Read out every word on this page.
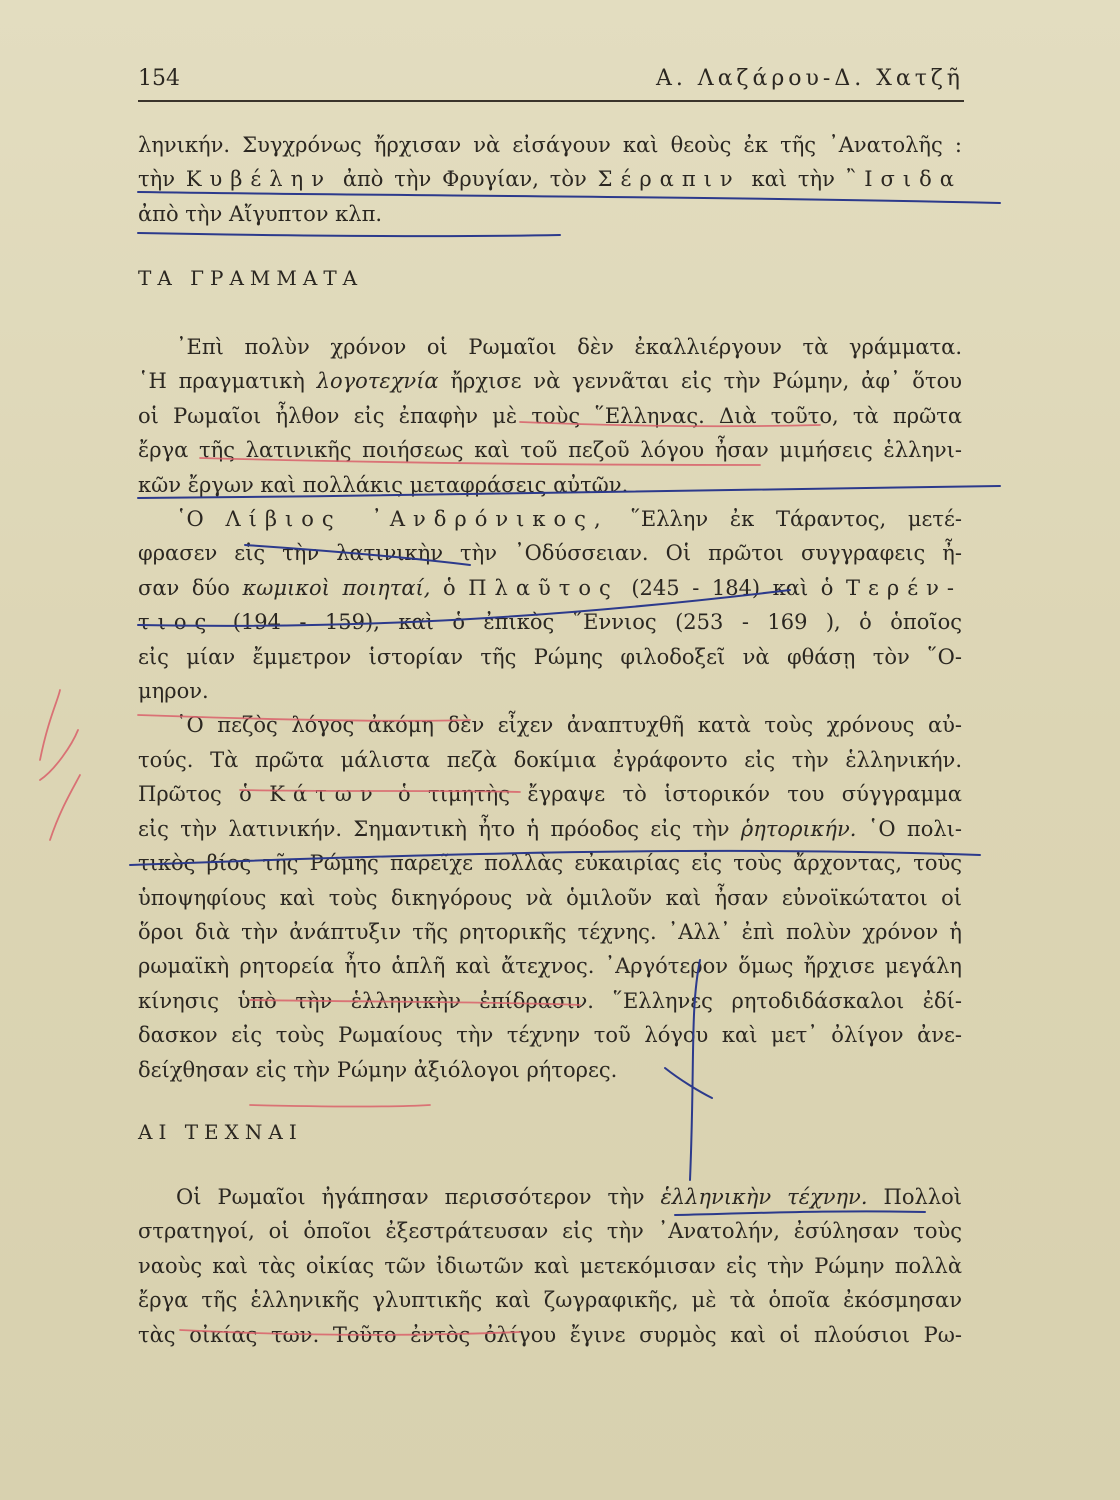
154	Α. Λαζάρου-Δ. Χατζῆ
ληνικήν. Συγχρόνως ἤρχισαν νὰ εἰσάγουν καὶ θεοὺς ἐκ τῆς ᾿Ανατολῆς :
τὴν Κυβέλην ἀπὸ τὴν Φρυγίαν, τὸν Σέραπιν καὶ τὴν ῍Ισιδα
ἀπὸ τὴν Αἴγυπτον κλπ.
ΤΑ ΓΡΑΜΜΑΤΑ
᾿Επὶ πολὺν χρόνον οἱ Ρωμαῖοι δὲν ἐκαλλιέργουν τὰ γράμματα.
῾Η πραγματικὴ λογοτεχνία ἤρχισε νὰ γεννᾶται εἰς τὴν Ρώμην, ἀφ᾿ ὅτου
οἱ Ρωμαῖοι ἦλθον εἰς ἐπαφὴν μὲ τοὺς ῞Ελληνας. Διὰ τοῦτο, τὰ πρῶτα
ἔργα τῆς λατινικῆς ποιήσεως καὶ τοῦ πεζοῦ λόγου ἦσαν μιμήσεις ἑλληνι-
κῶν ἔργων καὶ πολλάκις μεταφράσεις αὐτῶν.
῾Ο Λίβιος ᾿Ανδρόνικος, ῞Ελλην ἐκ Τάραντος, μετέ-
φρασεν εἰς τὴν λατινικὴν τὴν ᾿Οδύσσειαν. Οἱ πρῶτοι συγγραφεις ἦ-
σαν δύο κωμικοὶ ποιηταί, ὁ Πλαῦτος (245 - 184) καὶ ὁ Τερέν-
τιος (194 - 159), καὶ ὁ ἐπικὸς ῞Εννιος (253 - 169 ), ὁ ὁποῖος
εἰς μίαν ἔμμετρον ἱστορίαν τῆς Ρώμης φιλοδοξεῖ νὰ φθάσῃ τὸν ῞Ο-
μηρον.
῾Ο πεζὸς λόγος ἀκόμη δὲν εἶχεν ἀναπτυχθῆ κατὰ τοὺς χρόνους αὐ-
τούς. Τὰ πρῶτα μάλιστα πεζὰ δοκίμια ἐγράφοντο εἰς τὴν ἑλληνικήν.
Πρῶτος ὁ Κάτων ὁ τιμητὴς ἔγραψε τὸ ἱστορικόν του σύγγραμμα
εἰς τὴν λατινικήν. Σημαντικὴ ἦτο ἡ πρόοδος εἰς τὴν ῥητορικήν. ῾Ο πολι-
τικὸς βίος τῆς Ρώμης παρεῖχε πολλὰς εὐκαιρίας εἰς τοὺς ἄρχοντας, τοὺς
ὑποψηφίους καὶ τοὺς δικηγόρους νὰ ὁμιλοῦν καὶ ἦσαν εὐνοϊκώτατοι οἱ
ὅροι διὰ τὴν ἀνάπτυξιν τῆς ρητορικῆς τέχνης. ᾿Αλλ᾿ ἐπὶ πολὺν χρόνον ἡ
ρωμαϊκὴ ρητορεία ἦτο ἁπλῆ καὶ ἄτεχνος. ᾿Αργότερον ὅμως ἤρχισε μεγάλη
κίνησις ὑπὸ τὴν ἑλληνικὴν ἐπίδρασιν. ῞Ελληνες ρητοδιδάσκαλοι ἐδί-
δασκον εἰς τοὺς Ρωμαίους τὴν τέχνην τοῦ λόγου καὶ μετ᾿ ὀλίγον ἀνε-
δείχθησαν εἰς τὴν Ρώμην ἀξιόλογοι ρήτορες.
ΑΙ ΤΕΧΝΑΙ
Οἱ Ρωμαῖοι ἠγάπησαν περισσότερον τὴν ἑλληνικὴν τέχνην. Πολλοὶ
στρατηγοί, οἱ ὁποῖοι ἐξεστράτευσαν εἰς τὴν ᾿Ανατολήν, ἐσύλησαν τοὺς
ναοὺς καὶ τὰς οἰκίας τῶν ἰδιωτῶν καὶ μετεκόμισαν εἰς τὴν Ρώμην πολλὰ
ἔργα τῆς ἑλληνικῆς γλυπτικῆς καὶ ζωγραφικῆς, μὲ τὰ ὁποῖα ἐκόσμησαν
τὰς οἰκίας των. Τοῦτο ἐντὸς ὀλίγου ἔγινε συρμὸς καὶ οἱ πλούσιοι Ρω-
